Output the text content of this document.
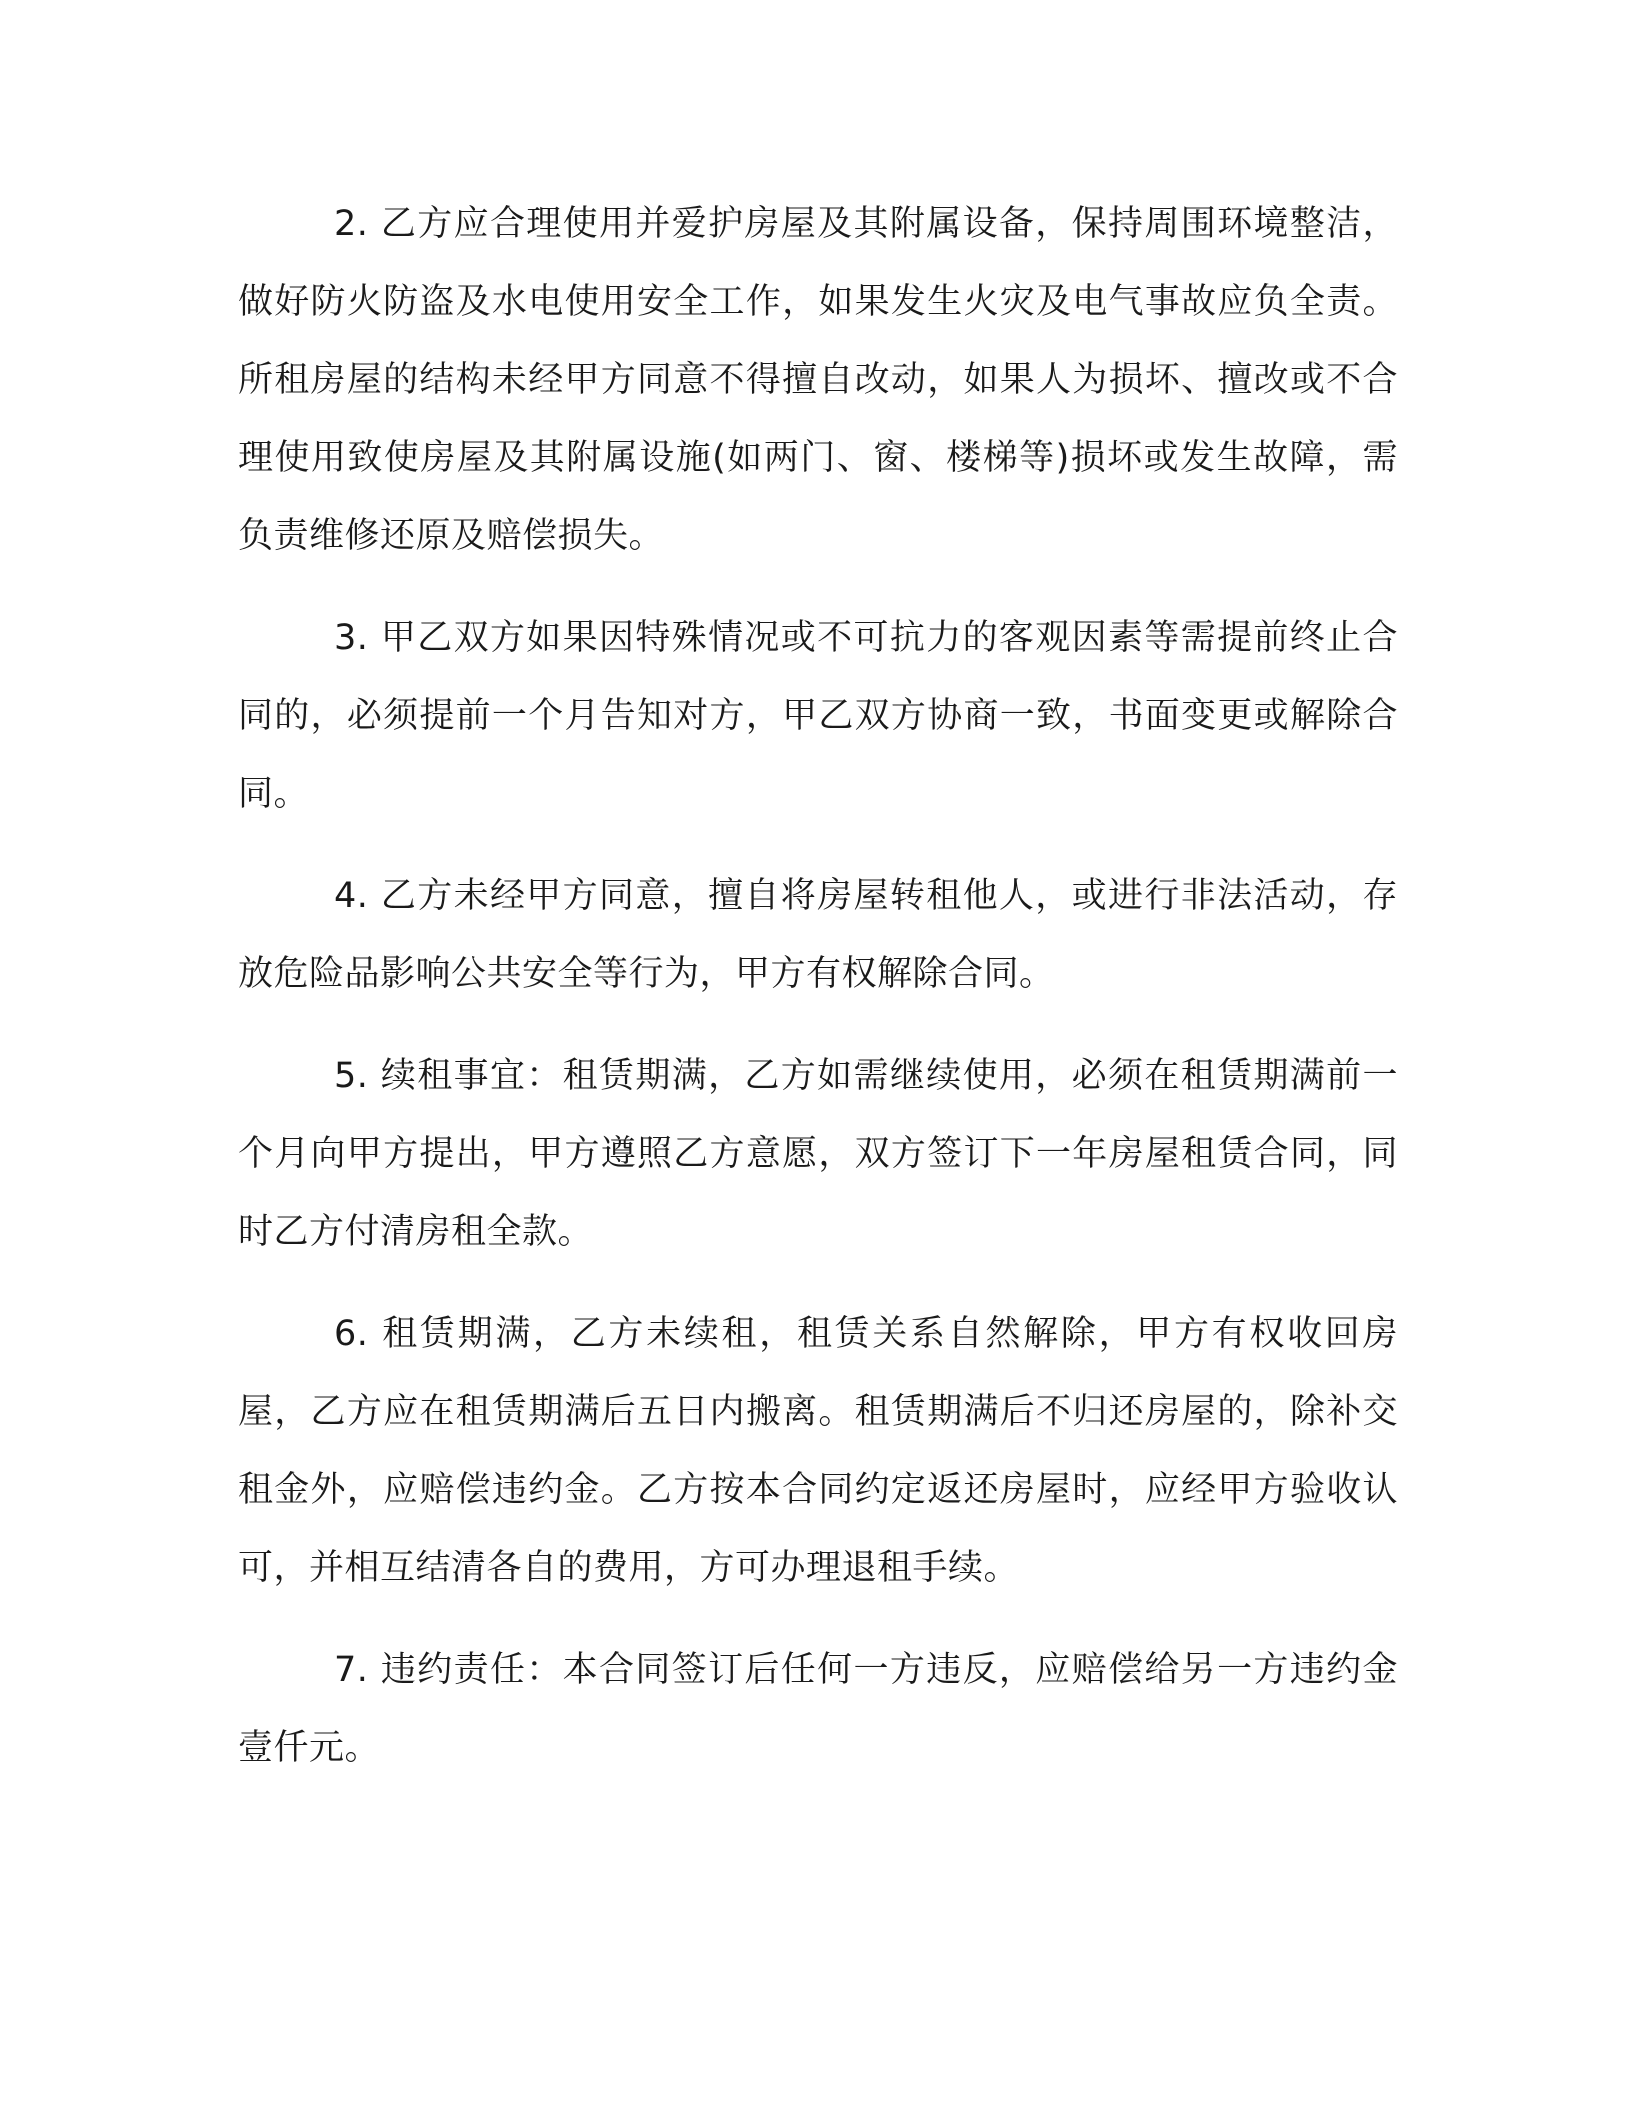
2. 乙方应合理使用并爱护房屋及其附属设备，保持周围环境整洁，做好防火防盗及水电使用安全工作，如果发生火灾及电气事故应负全责。所租房屋的结构未经甲方同意不得擅自改动，如果人为损坏、擅改或不合理使用致使房屋及其附属设施(如两门、窗、楼梯等)损坏或发生故障，需负责维修还原及赔偿损失。

3. 甲乙双方如果因特殊情况或不可抗力的客观因素等需提前终止合同的，必须提前一个月告知对方，甲乙双方协商一致，书面变更或解除合同。

4. 乙方未经甲方同意，擅自将房屋转租他人，或进行非法活动，存放危险品影响公共安全等行为，甲方有权解除合同。

5. 续租事宜：租赁期满，乙方如需继续使用，必须在租赁期满前一个月向甲方提出，甲方遵照乙方意愿，双方签订下一年房屋租赁合同，同时乙方付清房租全款。

6. 租赁期满，乙方未续租，租赁关系自然解除，甲方有权收回房屋，乙方应在租赁期满后五日内搬离。租赁期满后不归还房屋的，除补交租金外，应赔偿违约金。乙方按本合同约定返还房屋时，应经甲方验收认可，并相互结清各自的费用，方可办理退租手续。

7. 违约责任：本合同签订后任何一方违反，应赔偿给另一方违约金壹仟元。
